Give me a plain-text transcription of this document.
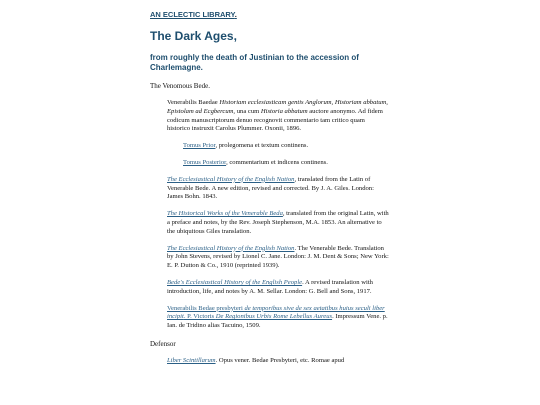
AN ECLECTIC LIBRARY.
The Dark Ages,
from roughly the death of Justinian to the accession of Charlemagne.
The Venomous Bede.
Venerabilis Baedae Historiam ecclesiasticam gentis Anglorum, Historiam abbatum, Epistolam ad Ecgbercum, una cum Historia abbatum auctore anonymo. Ad fidem codicum manuscriptorum denuo recognovit commentario tam critico quam historico instruxit Carolus Plummer. Oxonii, 1896.
Tomus Prior, prolegomena et textum continens.
Tomus Posterior, commentarium et indicens continens.
The Ecclesiastical History of the English Nation, translated from the Latin of Venerable Bede. A new edition, revised and corrected. By J. A. Giles. London: James Bohn. 1843.
The Historical Works of the Venerable Beda, translated from the original Latin, with a preface and notes, by the Rev. Joseph Stephenson, M.A. 1853. An alternative to the ubiquitous Giles translation.
The Ecclesiastical History of the English Nation. The Venerable Bede. Translation by John Stevens, revised by Lionel C. Jane. London: J. M. Dent & Sons; New York: E. P. Dutton & Co., 1910 (reprinted 1939).
Bede's Ecclesiastical History of the English People. A revised translation with introduction, life, and notes by A. M. Sellar. London: G. Bell and Sons, 1917.
Venerabilis Bedae presbyteri de temporibus sive de sex aetatibus huius seculi liber incipit. P. Victoris De Regionibus Urbis Rome Lebellus Aureus. Impressum Vene. p. Ian. de Tridino alias Tacuino, 1509.
Defensor
Liber Scintillarum. Opus vener. Bedae Presbyteri, etc. Romae apud
